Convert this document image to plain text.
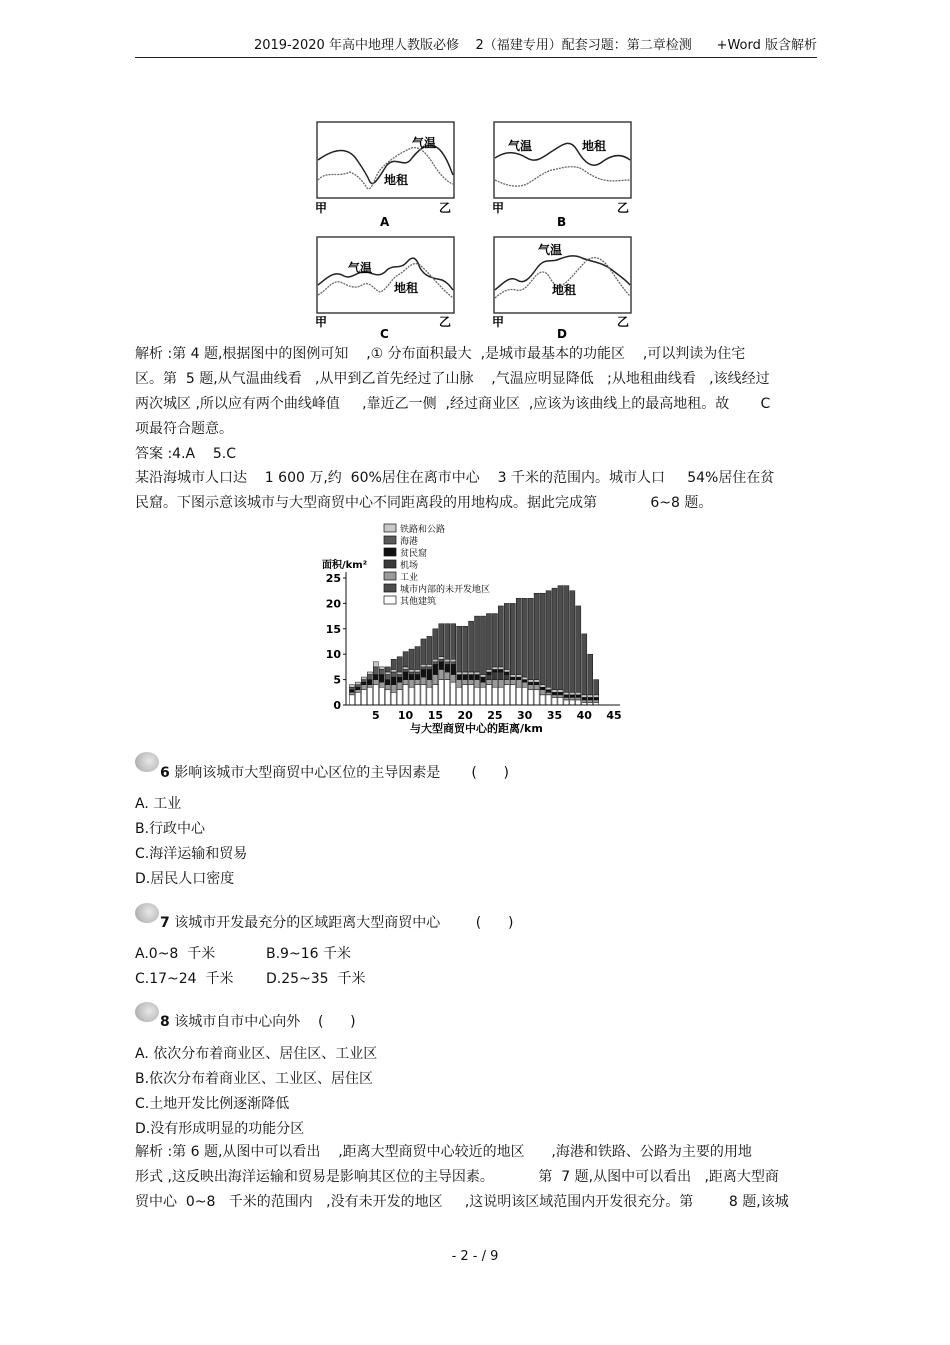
2019-2020 年高中地理人教版必修    2（福建专用）配套习题：第二章检测      +Word 版含解析
气温
地租
甲	乙
A
气温	地租
甲	乙
B
气温
地租
甲	乙
C
气温
地租
甲	乙
D
解析 :第 4 题,根据图中的图例可知    ,① 分布面积最大  ,是城市最基本的功能区    ,可以判读为住宅
区。第  5 题,从气温曲线看   ,从甲到乙首先经过了山脉    ,气温应明显降低   ;从地租曲线看   ,该线经过
两次城区 ,所以应有两个曲线峰值     ,靠近乙一侧  ,经过商业区  ,应该为该曲线上的最高地租。故       C
项最符合题意。
答案 :4.A    5.C
某沿海城市人口达    1 600 万,约  60%居住在离市中心    3 千米的范围内。城市人口     54%居住在贫
民窟。下图示意该城市与大型商贸中心不同距离段的用地构成。据此完成第            6~8 题。
铁路和公路
海港
贫民窟
机场
工业
城市内部的未开发地区
其他建筑
面积/km²
0
5
10
15
20
25
5 10 15 20 25 30 35 40 45
与大型商贸中心的距离/km
6 影响该城市大型商贸中心区位的主导因素是       (      )
A. 工业
B.行政中心
C.海洋运输和贸易
D.居民人口密度
7 该城市开发最充分的区域距离大型商贸中心        (      )
A.0~8  千米	B.9~16 千米
C.17~24  千米	D.25~35  千米
8 该城市自市中心向外    (      )
A. 依次分布着商业区、居住区、工业区
B.依次分布着商业区、工业区、居住区
C.土地开发比例逐渐降低
D.没有形成明显的功能分区
解析 :第 6 题,从图中可以看出    ,距离大型商贸中心较近的地区      ,海港和铁路、公路为主要的用地
形式 ,这反映出海洋运输和贸易是影响其区位的主导因素。          第  7 题,从图中可以看出   ,距离大型商
贸中心  0~8   千米的范围内   ,没有未开发的地区     ,这说明该区域范围内开发很充分。第        8 题,该城
- 2 - / 9
